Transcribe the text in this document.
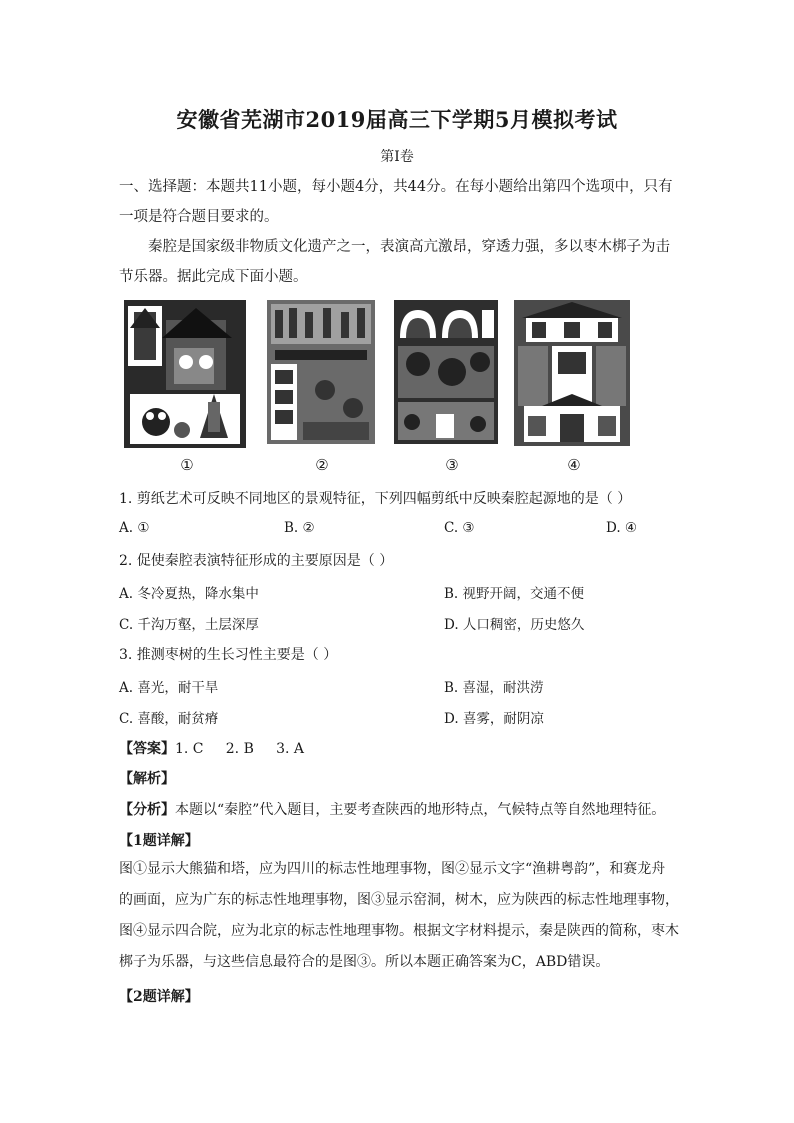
安徽省芜湖市2019届高三下学期5月模拟考试
第I卷
一、选择题：本题共11小题，每小题4分，共44分。在每小题给出第四个选项中，只有一项是符合题目要求的。
秦腔是国家级非物质文化遗产之一，表演高亢激昂，穿透力强，多以枣木梆子为击节乐器。据此完成下面小题。
①	②	③	④
1. 剪纸艺术可反映不同地区的景观特征，下列四幅剪纸中反映秦腔起源地的是（ ）
A. ①	B. ②	C. ③	D. ④
2. 促使秦腔表演特征形成的主要原因是（ ）
A. 冬冷夏热，降水集中	B. 视野开阔，交通不便
C. 千沟万壑，土层深厚	D. 人口稠密，历史悠久
3. 推测枣树的生长习性主要是（ ）
A. 喜光，耐干旱	B. 喜湿，耐洪涝
C. 喜酸，耐贫瘠	D. 喜雾，耐阴凉
【答案】1. C     2. B     3. A
【解析】
【分析】本题以“秦腔”代入题目，主要考查陕西的地形特点，气候特点等自然地理特征。
【1题详解】
图①显示大熊猫和塔，应为四川的标志性地理事物，图②显示文字“渔耕粤韵”，和赛龙舟的画面，应为广东的标志性地理事物，图③显示窑洞，树木，应为陕西的标志性地理事物，图④显示四合院，应为北京的标志性地理事物。根据文字材料提示，秦是陕西的简称，枣木梆子为乐器，与这些信息最符合的是图③。所以本题正确答案为C，ABD错误。
【2题详解】
